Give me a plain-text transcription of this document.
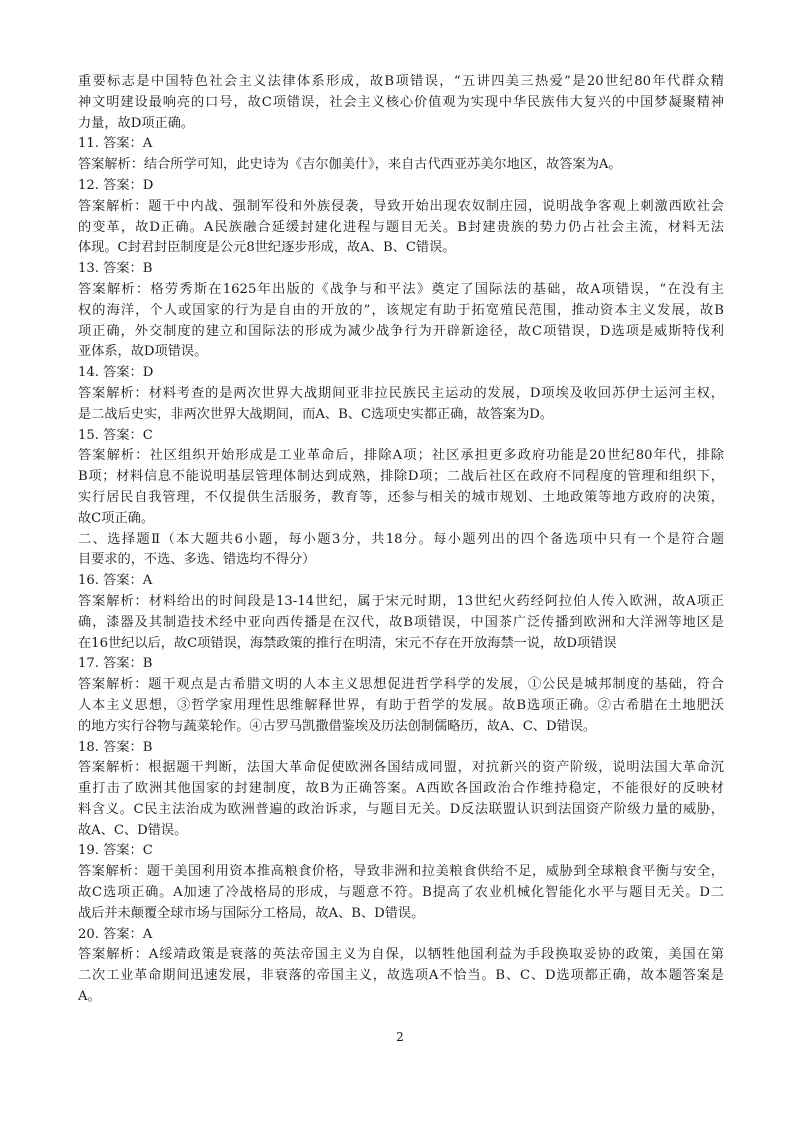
重要标志是中国特色社会主义法律体系形成，故B项错误，“五讲四美三热爱”是20世纪80年代群众精
神文明建设最响亮的口号，故C项错误，社会主义核心价值观为实现中华民族伟大复兴的中国梦凝聚精神
力量，故D项正确。
11. 答案：A
答案解析：结合所学可知，此史诗为《吉尔伽美什》，来自古代西亚苏美尔地区，故答案为A。
12. 答案：D
答案解析：题干中内战、强制军役和外族侵袭，导致开始出现农奴制庄园，说明战争客观上刺激西欧社会
的变革，故D正确。A民族融合延缓封建化进程与题目无关。B封建贵族的势力仍占社会主流，材料无法
体现。C封君封臣制度是公元8世纪逐步形成，故A、B、C错误。
13. 答案：B
答案解析：格劳秀斯在1625年出版的《战争与和平法》奠定了国际法的基础，故A项错误，“在没有主
权的海洋，个人或国家的行为是自由的开放的”，该规定有助于拓宽殖民范围，推动资本主义发展，故B
项正确，外交制度的建立和国际法的形成为减少战争行为开辟新途径，故C项错误，D选项是威斯特伐利
亚体系，故D项错误。
14. 答案：D
答案解析：材料考查的是两次世界大战期间亚非拉民族民主运动的发展，D项埃及收回苏伊士运河主权，
是二战后史实，非两次世界大战期间，而A、B、C选项史实都正确，故答案为D。
15. 答案：C
答案解析：社区组织开始形成是工业革命后，排除A项；社区承担更多政府功能是20世纪80年代，排除
B项；材料信息不能说明基层管理体制达到成熟，排除D项；二战后社区在政府不同程度的管理和组织下，
实行居民自我管理，不仅提供生活服务，教育等，还参与相关的城市规划、土地政策等地方政府的决策，
故C项正确。
二、选择题Ⅱ（本大题共6小题，每小题3分，共18分。每小题列出的四个备选项中只有一个是符合题
目要求的，不选、多选、错选均不得分）
16. 答案：A
答案解析：材料给出的时间段是13-14世纪，属于宋元时期，13世纪火药经阿拉伯人传入欧洲，故A项正
确，漆器及其制造技术经中亚向西传播是在汉代，故B项错误，中国茶广泛传播到欧洲和大洋洲等地区是
在16世纪以后，故C项错误，海禁政策的推行在明清，宋元不存在开放海禁一说，故D项错误
17. 答案：B
答案解析：题干观点是古希腊文明的人本主义思想促进哲学科学的发展，①公民是城邦制度的基础，符合
人本主义思想，③哲学家用理性思维解释世界，有助于哲学的发展。故B选项正确。②古希腊在土地肥沃
的地方实行谷物与蔬菜轮作。④古罗马凯撒借鉴埃及历法创制儒略历，故A、C、D错误。
18. 答案：B
答案解析：根据题干判断，法国大革命促使欧洲各国结成同盟，对抗新兴的资产阶级，说明法国大革命沉
重打击了欧洲其他国家的封建制度，故B为正确答案。A西欧各国政治合作维持稳定，不能很好的反映材
料含义。C民主法治成为欧洲普遍的政治诉求，与题目无关。D反法联盟认识到法国资产阶级力量的威胁，
故A、C、D错误。
19. 答案：C
答案解析：题干美国利用资本推高粮食价格，导致非洲和拉美粮食供给不足，威胁到全球粮食平衡与安全，
故C选项正确。A加速了冷战格局的形成，与题意不符。B提高了农业机械化智能化水平与题目无关。D二
战后并未颠覆全球市场与国际分工格局，故A、B、D错误。
20. 答案：A
答案解析：A绥靖政策是衰落的英法帝国主义为自保，以牺牲他国利益为手段换取妥协的政策，美国在第
二次工业革命期间迅速发展，非衰落的帝国主义，故选项A不恰当。B、C、D选项都正确，故本题答案是
A。
2
